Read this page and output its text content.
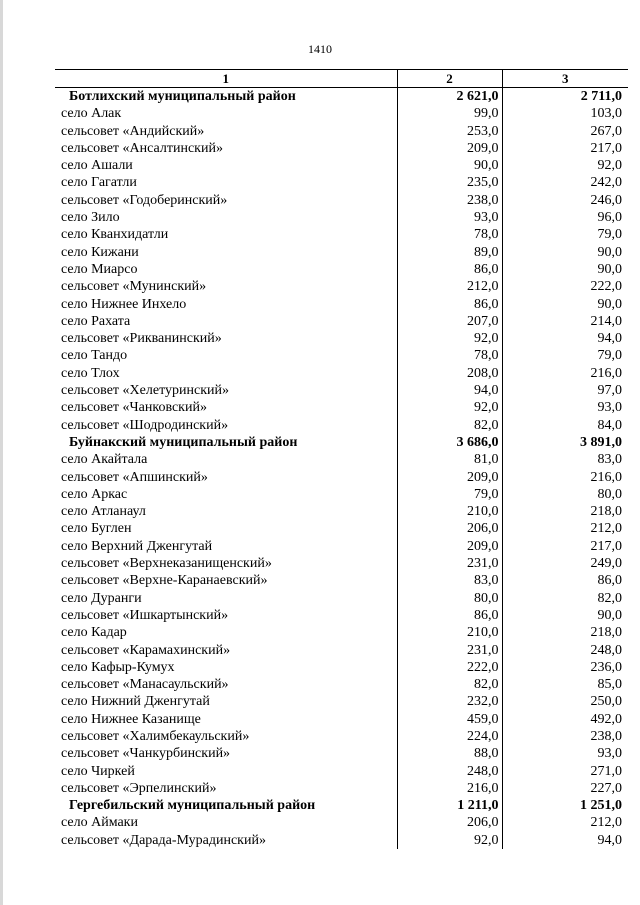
1410
1	2	3
Ботлихский муниципальный район	2 621,0	2 711,0
село Алак	99,0	103,0
сельсовет «Андийский»	253,0	267,0
сельсовет «Ансалтинский»	209,0	217,0
село Ашали	90,0	92,0
село Гагатли	235,0	242,0
сельсовет «Годоберинский»	238,0	246,0
село Зило	93,0	96,0
село Кванхидатли	78,0	79,0
село Кижани	89,0	90,0
село Миарсо	86,0	90,0
сельсовет «Мунинский»	212,0	222,0
село Нижнее Инхело	86,0	90,0
село Рахата	207,0	214,0
сельсовет «Рикванинский»	92,0	94,0
село Тандо	78,0	79,0
село Тлох	208,0	216,0
сельсовет «Хелетуринский»	94,0	97,0
сельсовет «Чанковский»	92,0	93,0
сельсовет «Шодродинский»	82,0	84,0
Буйнакский муниципальный район	3 686,0	3 891,0
село Акайтала	81,0	83,0
сельсовет «Апшинский»	209,0	216,0
село Аркас	79,0	80,0
село Атланаул	210,0	218,0
село Буглен	206,0	212,0
село Верхний Дженгутай	209,0	217,0
сельсовет «Верхнеказанищенский»	231,0	249,0
сельсовет «Верхне-Каранаевский»	83,0	86,0
село Дуранги	80,0	82,0
сельсовет «Ишкартынский»	86,0	90,0
село Кадар	210,0	218,0
сельсовет «Карамахинский»	231,0	248,0
село Кафыр-Кумух	222,0	236,0
сельсовет «Манасаульский»	82,0	85,0
село Нижний Дженгутай	232,0	250,0
село Нижнее Казанище	459,0	492,0
сельсовет «Халимбекаульский»	224,0	238,0
сельсовет «Чанкурбинский»	88,0	93,0
село Чиркей	248,0	271,0
сельсовет «Эрпелинский»	216,0	227,0
Гергебильский муниципальный район	1 211,0	1 251,0
село Аймаки	206,0	212,0
сельсовет «Дарада-Мурадинский»	92,0	94,0
